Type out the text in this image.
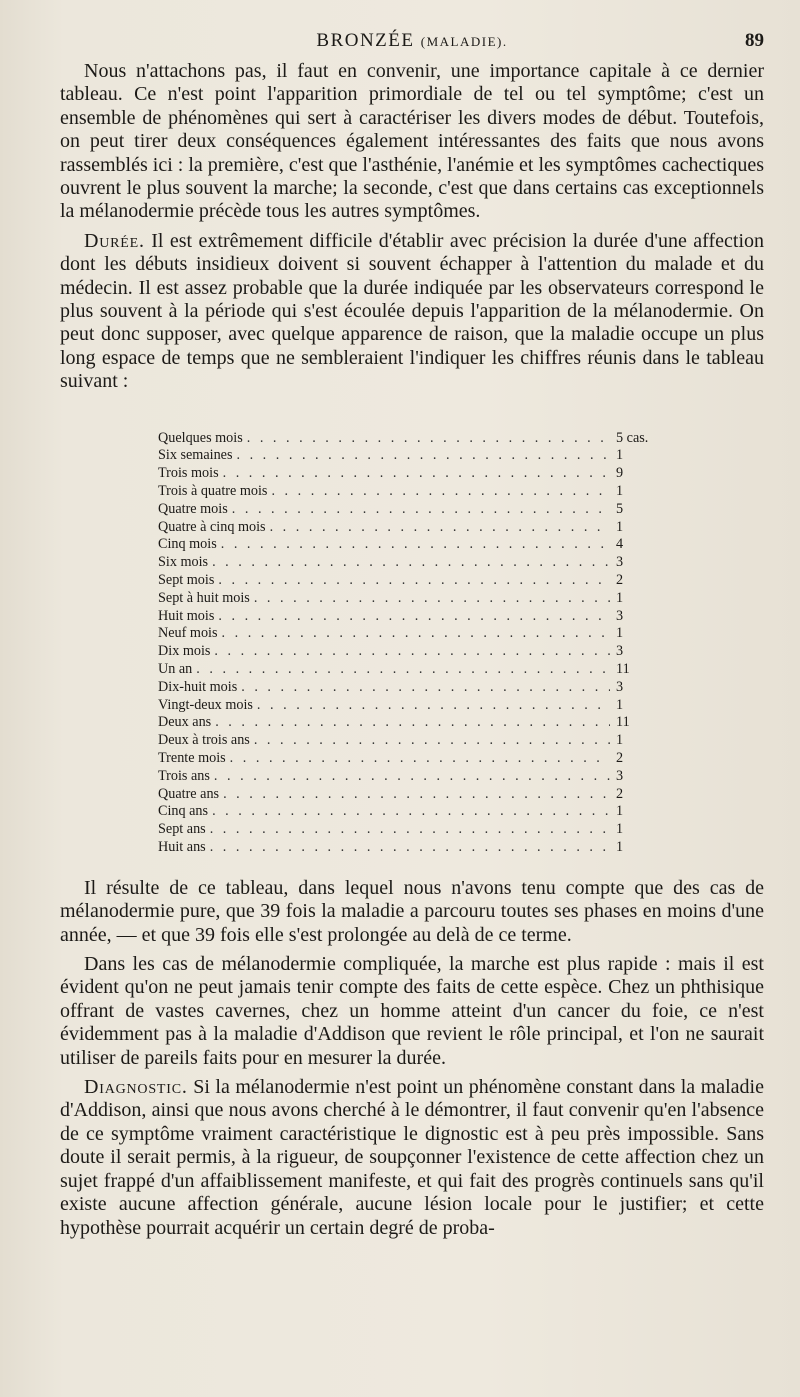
BRONZÉE (MALADIE).	89

Nous n'attachons pas, il faut en convenir, une importance capitale à ce dernier tableau. Ce n'est point l'apparition primordiale de tel ou tel symptôme; c'est un ensemble de phénomènes qui sert à caractériser les divers modes de début. Toutefois, on peut tirer deux conséquences également intéressantes des faits que nous avons rassemblés ici : la première, c'est que l'asthénie, l'anémie et les symptômes cachectiques ouvrent le plus souvent la marche; la seconde, c'est que dans certains cas exceptionnels la mélanodermie précède tous les autres symptômes.

Durée. Il est extrêmement difficile d'établir avec précision la durée d'une affection dont les débuts insidieux doivent si souvent échapper à l'attention du malade et du médecin. Il est assez probable que la durée indiquée par les observateurs correspond le plus souvent à la période qui s'est écoulée depuis l'apparition de la mélanodermie. On peut donc supposer, avec quelque apparence de raison, que la maladie occupe un plus long espace de temps que ne sembleraient l'indiquer les chiffres réunis dans le tableau suivant :

Quelques mois . . .	5 cas.
Six semaines . . .	1
Trois mois . . .	9
Trois à quatre mois . . .	1
Quatre mois . . .	5
Quatre à cinq mois . . .	1
Cinq mois . . .	4
Six mois . . .	3
Sept mois . . .	2
Sept à huit mois . . .	1
Huit mois . . .	3
Neuf mois . . .	1
Dix mois . . .	3
Un an . . .	11
Dix-huit mois . . .	3
Vingt-deux mois . . .	1
Deux ans . . .	11
Deux à trois ans . . .	1
Trente mois . . .	2
Trois ans . . .	3
Quatre ans . . .	2
Cinq ans . . .	1
Sept ans . . .	1
Huit ans . . .	1

Il résulte de ce tableau, dans lequel nous n'avons tenu compte que des cas de mélanodermie pure, que 39 fois la maladie a parcouru toutes ses phases en moins d'une année, — et que 39 fois elle s'est prolongée au delà de ce terme.

Dans les cas de mélanodermie compliquée, la marche est plus rapide : mais il est évident qu'on ne peut jamais tenir compte des faits de cette espèce. Chez un phthisique offrant de vastes cavernes, chez un homme atteint d'un cancer du foie, ce n'est évidemment pas à la maladie d'Addison que revient le rôle principal, et l'on ne saurait utiliser de pareils faits pour en mesurer la durée.

Diagnostic. Si la mélanodermie n'est point un phénomène constant dans la maladie d'Addison, ainsi que nous avons cherché à le démontrer, il faut convenir qu'en l'absence de ce symptôme vraiment caractéristique le dignostic est à peu près impossible. Sans doute il serait permis, à la rigueur, de soupçonner l'existence de cette affection chez un sujet frappé d'un affaiblissement manifeste, et qui fait des progrès continuels sans qu'il existe aucune affection générale, aucune lésion locale pour le justifier; et cette hypothèse pourrait acquérir un certain degré de proba-
